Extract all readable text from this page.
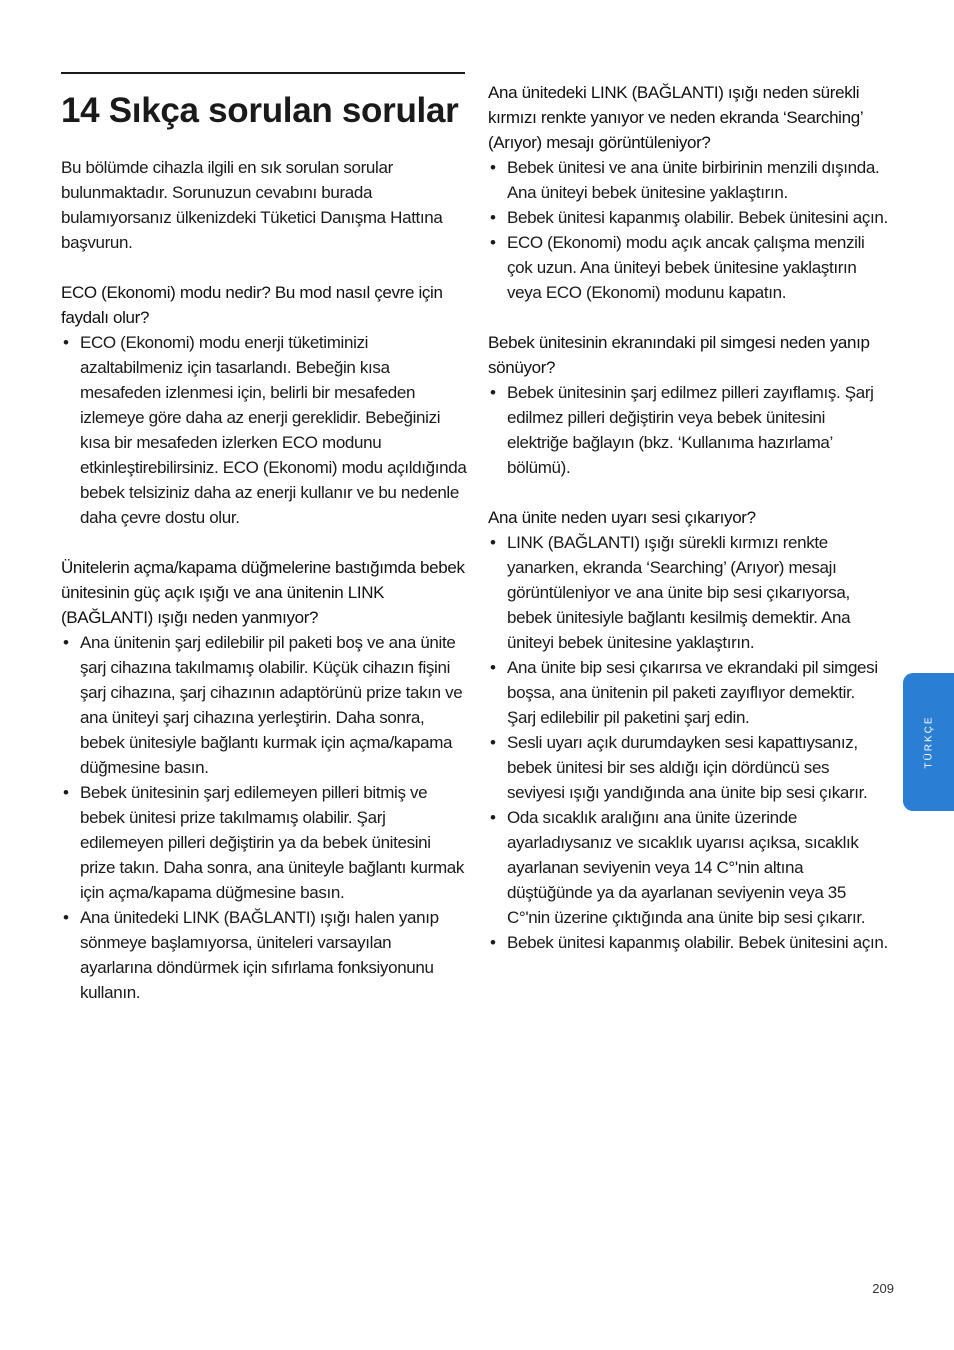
14 Sıkça sorulan sorular

Bu bölümde cihazla ilgili en sık sorulan sorular bulunmaktadır. Sorunuzun cevabını burada bulamıyorsanız ülkenizdeki Tüketici Danışma Hattına başvurun.

ECO (Ekonomi) modu nedir? Bu mod nasıl çevre için faydalı olur?

• ECO (Ekonomi) modu enerji tüketiminizi azaltabilmeniz için tasarlandı. Bebeğin kısa mesafeden izlenmesi için, belirli bir mesafeden izlemeye göre daha az enerji gereklidir. Bebeğinizi kısa bir mesafeden izlerken ECO modunu etkinleştirebilirsiniz. ECO (Ekonomi) modu açıldığında bebek telsiziniz daha az enerji kullanır ve bu nedenle daha çevre dostu olur.

Ünitelerin açma/kapama düğmelerine bastığımda bebek ünitesinin güç açık ışığı ve ana ünitenin LINK (BAĞLANTI) ışığı neden yanmıyor?

• Ana ünitenin şarj edilebilir pil paketi boş ve ana ünite şarj cihazına takılmamış olabilir. Küçük cihazın fişini şarj cihazına, şarj cihazının adaptörünü prize takın ve ana üniteyi şarj cihazına yerleştirin. Daha sonra, bebek ünitesiyle bağlantı kurmak için açma/kapama düğmesine basın.
• Bebek ünitesinin şarj edilemeyen pilleri bitmiş ve bebek ünitesi prize takılmamış olabilir. Şarj edilemeyen pilleri değiştirin ya da bebek ünitesini prize takın. Daha sonra, ana üniteyle bağlantı kurmak için açma/kapama düğmesine basın.
• Ana ünitedeki LINK (BAĞLANTI) ışığı halen yanıp sönmeye başlamıyorsa, üniteleri varsayılan ayarlarına döndürmek için sıfırlama fonksiyonunu kullanın.

Ana ünitedeki LINK (BAĞLANTI) ışığı neden sürekli kırmızı renkte yanıyor ve neden ekranda ‘Searching’ (Arıyor) mesajı görüntüleniyor?

• Bebek ünitesi ve ana ünite birbirinin menzili dışında. Ana üniteyi bebek ünitesine yaklaştırın.
• Bebek ünitesi kapanmış olabilir. Bebek ünitesini açın.
• ECO (Ekonomi) modu açık ancak çalışma menzili çok uzun. Ana üniteyi bebek ünitesine yaklaştırın veya ECO (Ekonomi) modunu kapatın.

Bebek ünitesinin ekranındaki pil simgesi neden yanıp sönüyor?

• Bebek ünitesinin şarj edilmez pilleri zayıflamış. Şarj edilmez pilleri değiştirin veya bebek ünitesini elektriğe bağlayın (bkz. ‘Kullanıma hazırlama’ bölümü).

Ana ünite neden uyarı sesi çıkarıyor?

• LINK (BAĞLANTI) ışığı sürekli kırmızı renkte yanarken, ekranda ‘Searching’ (Arıyor) mesajı görüntüleniyor ve ana ünite bip sesi çıkarıyorsa, bebek ünitesiyle bağlantı kesilmiş demektir. Ana üniteyi bebek ünitesine yaklaştırın.
• Ana ünite bip sesi çıkarırsa ve ekrandaki pil simgesi boşsa, ana ünitenin pil paketi zayıflıyor demektir. Şarj edilebilir pil paketini şarj edin.
• Sesli uyarı açık durumdayken sesi kapattıysanız, bebek ünitesi bir ses aldığı için dördüncü ses seviyesi ışığı yandığında ana ünite bip sesi çıkarır.
• Oda sıcaklık aralığını ana ünite üzerinde ayarladıysanız ve sıcaklık uyarısı açıksa, sıcaklık ayarlanan seviyenin veya 14 C°'nin altına düştüğünde ya da ayarlanan seviyenin veya 35 C°'nin üzerine çıktığında ana ünite bip sesi çıkarır.
• Bebek ünitesi kapanmış olabilir. Bebek ünitesini açın.
TÜRKÇE
209
